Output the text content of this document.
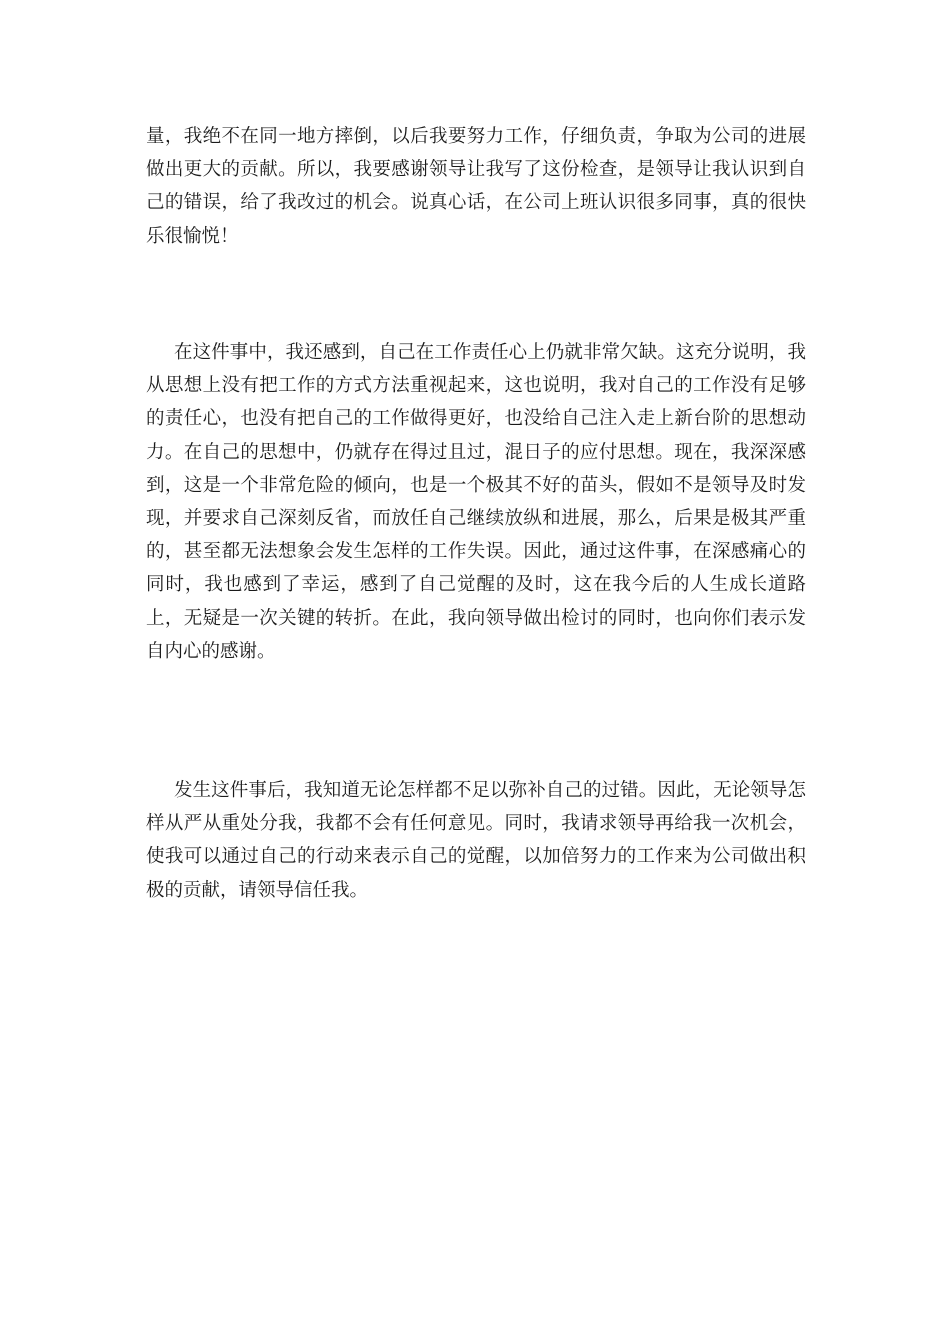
量，我绝不在同一地方摔倒，以后我要努力工作，仔细负责，争取为公司的进展做出更大的贡献。所以，我要感谢领导让我写了这份检查，是领导让我认识到自己的错误，给了我改过的机会。说真心话，在公司上班认识很多同事，真的很快乐很愉悦！

在这件事中，我还感到，自己在工作责任心上仍就非常欠缺。这充分说明，我从思想上没有把工作的方式方法重视起来，这也说明，我对自己的工作没有足够的责任心，也没有把自己的工作做得更好，也没给自己注入走上新台阶的思想动力。在自己的思想中，仍就存在得过且过，混日子的应付思想。现在，我深深感到，这是一个非常危险的倾向，也是一个极其不好的苗头，假如不是领导及时发现，并要求自己深刻反省，而放任自己继续放纵和进展，那么，后果是极其严重的，甚至都无法想象会发生怎样的工作失误。因此，通过这件事，在深感痛心的同时，我也感到了幸运，感到了自己觉醒的及时，这在我今后的人生成长道路上，无疑是一次关键的转折。在此，我向领导做出检讨的同时，也向你们表示发自内心的感谢。

发生这件事后，我知道无论怎样都不足以弥补自己的过错。因此，无论领导怎样从严从重处分我，我都不会有任何意见。同时，我请求领导再给我一次机会，使我可以通过自己的行动来表示自己的觉醒，以加倍努力的工作来为公司做出积极的贡献，请领导信任我。
